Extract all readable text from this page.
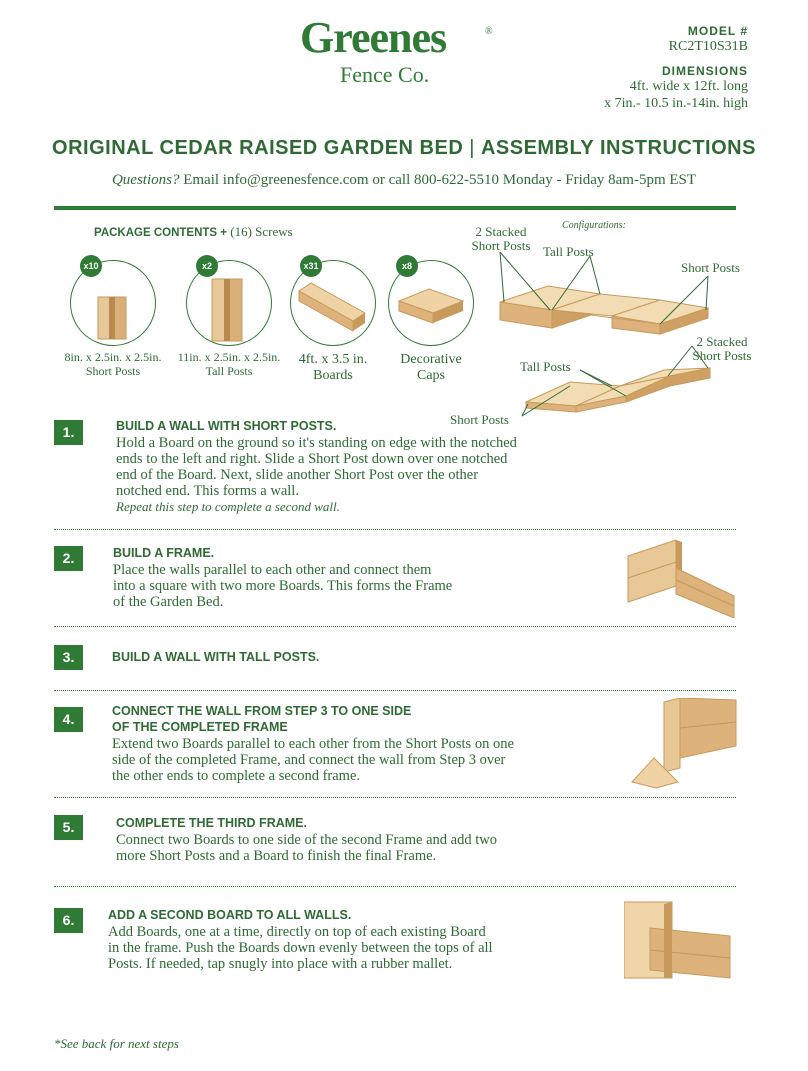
Greenes	®
Fence Co.
MODEL #
RC2T10S31B
DIMENSIONS
4ft. wide x 12ft. long
x 7in.- 10.5 in.-14in. high
ORIGINAL CEDAR RAISED GARDEN BED | ASSEMBLY INSTRUCTIONS
Questions? Email info@greenesfence.com or call 800-622-5510 Monday - Friday 8am-5pm EST
PACKAGE CONTENTS + (16) Screws
x10
8in. x 2.5in. x 2.5in.
Short Posts
x2
11in. x 2.5in. x 2.5in.
Tall Posts
x31
4ft. x 3.5 in.
Boards
x8
Decorative
Caps
Configurations:
2 Stacked
Short Posts Tall Posts
Short Posts
Tall Posts
2 Stacked
Short Posts
Short Posts
1.	BUILD A WALL WITH SHORT POSTS.
Hold a Board on the ground so it's standing on edge with the notched
ends to the left and right. Slide a Short Post down over one notched
end of the Board. Next, slide another Short Post over the other
notched end. This forms a wall.
Repeat this step to complete a second wall.
2.	BUILD A FRAME.
Place the walls parallel to each other and connect them
into a square with two more Boards. This forms the Frame
of the Garden Bed.
3.	BUILD A WALL WITH TALL POSTS.
4.	CONNECT THE WALL FROM STEP 3 TO ONE SIDE
OF THE COMPLETED FRAME
Extend two Boards parallel to each other from the Short Posts on one
side of the completed Frame, and connect the wall from Step 3 over
the other ends to complete a second frame.
5.	COMPLETE THE THIRD FRAME.
Connect two Boards to one side of the second Frame and add two
more Short Posts and a Board to finish the final Frame.
6.	ADD A SECOND BOARD TO ALL WALLS.
Add Boards, one at a time, directly on top of each existing Board
in the frame. Push the Boards down evenly between the tops of all
Posts. If needed, tap snugly into place with a rubber mallet.
*See back for next steps
